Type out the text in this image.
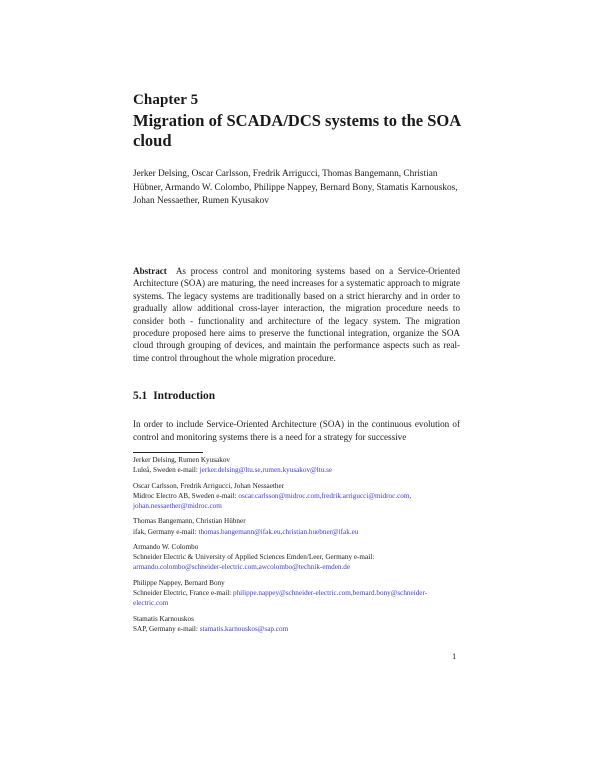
Chapter 5
Migration of SCADA/DCS systems to the SOA cloud
Jerker Delsing, Oscar Carlsson, Fredrik Arrigucci, Thomas Bangemann, Christian Hübner, Armando W. Colombo, Philippe Nappey, Bernard Bony, Stamatis Karnouskos, Johan Nessaether, Rumen Kyusakov
Abstract As process control and monitoring systems based on a Service-Oriented Architecture (SOA) are maturing, the need increases for a systematic approach to migrate systems. The legacy systems are traditionally based on a strict hierarchy and in order to gradually allow additional cross-layer interaction, the migration procedure needs to consider both - functionality and architecture of the legacy system. The migration procedure proposed here aims to preserve the functional integration, organize the SOA cloud through grouping of devices, and maintain the performance aspects such as real-time control throughout the whole migration procedure.
5.1 Introduction
In order to include Service-Oriented Architecture (SOA) in the continuous evolution of control and monitoring systems there is a need for a strategy for successive
Jerker Delsing, Rumen Kyusakov
Luleå, Sweden e-mail: jerker.delsing@ltu.se,rumen.kyusakov@ltu.se
Oscar Carlsson, Fredrik Arrigucci, Johan Nessaether
Midroc Electro AB, Sweden e-mail: oscar.carlsson@midroc.com,fredrik.arrigucci@midroc.com, johan.nessaether@midroc.com
Thomas Bangemann, Christian Hübner
ifak, Germany e-mail: thomas.bangemann@ifak.eu,christian.huebner@ifak.eu
Armando W. Colombo
Schneider Electric & University of Applied Sciences Emden/Leer, Germany e-mail: armando.colombo@schneider-electric.com,awcolombo@technik-emden.de
Philippe Nappey, Bernard Bony
Schneider Electric, France e-mail: philippe.nappey@schneider-electric.com,bernard.bony@schneider-electric.com
Stamatis Karnouskos
SAP, Germany e-mail: stamatis.karnouskos@sap.com
1
